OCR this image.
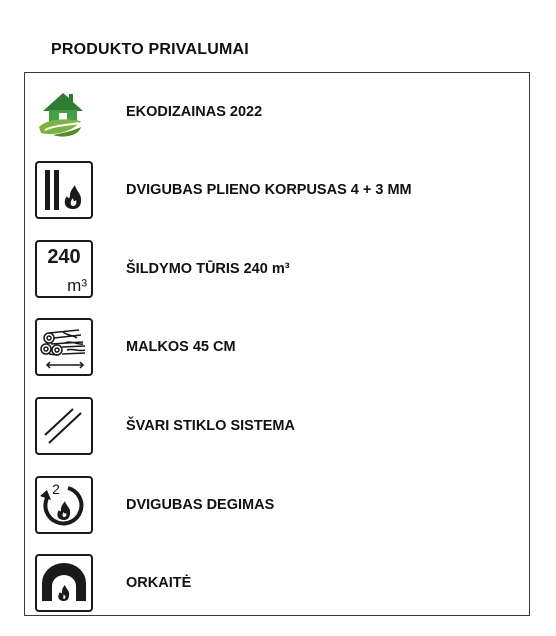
PRODUKTO PRIVALUMAI
EKODIZAINAS 2022
DVIGUBAS PLIENO KORPUSAS 4 + 3 MM
240
m³
ŠILDYMO TŪRIS 240 m³
MALKOS 45 CM
ŠVARI STIKLO SISTEMA
2
DVIGUBAS DEGIMAS
ORKAITĖ
